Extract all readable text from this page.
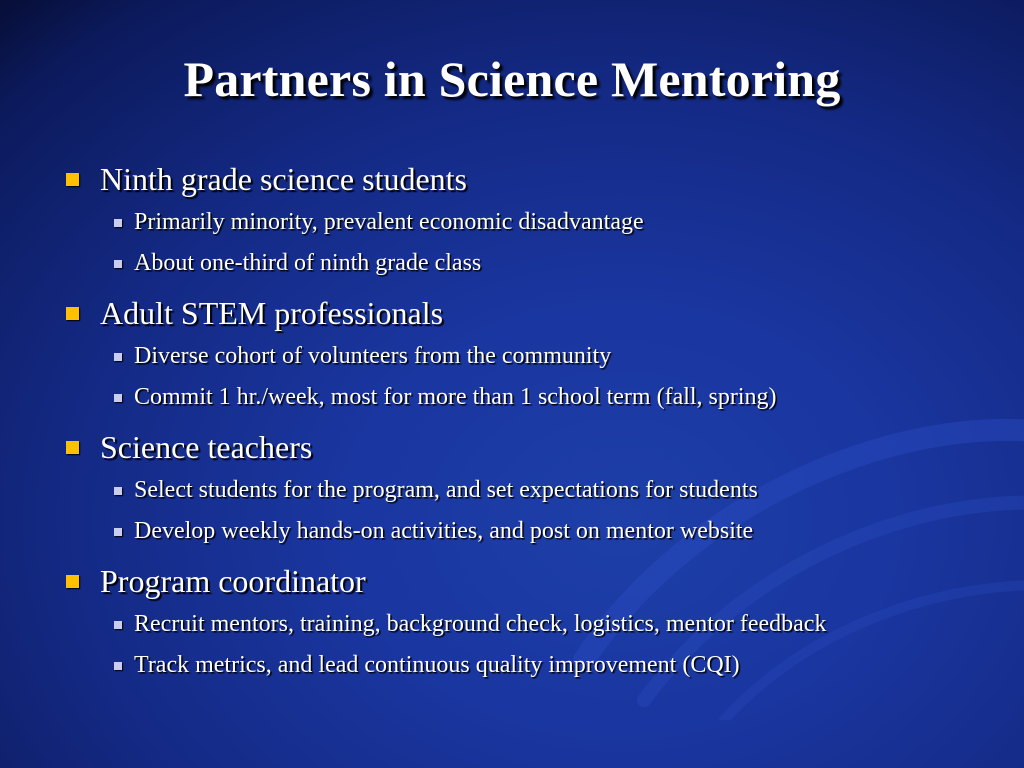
Partners in Science Mentoring
Ninth grade science students
Primarily minority, prevalent economic disadvantage
About one-third of ninth grade class
Adult STEM professionals
Diverse cohort of volunteers from the community
Commit 1 hr./week, most for more than 1 school term (fall, spring)
Science teachers
Select students for the program, and set expectations for students
Develop weekly hands-on activities, and post on mentor website
Program coordinator
Recruit mentors, training, background check, logistics, mentor feedback
Track metrics, and lead continuous quality improvement (CQI)
